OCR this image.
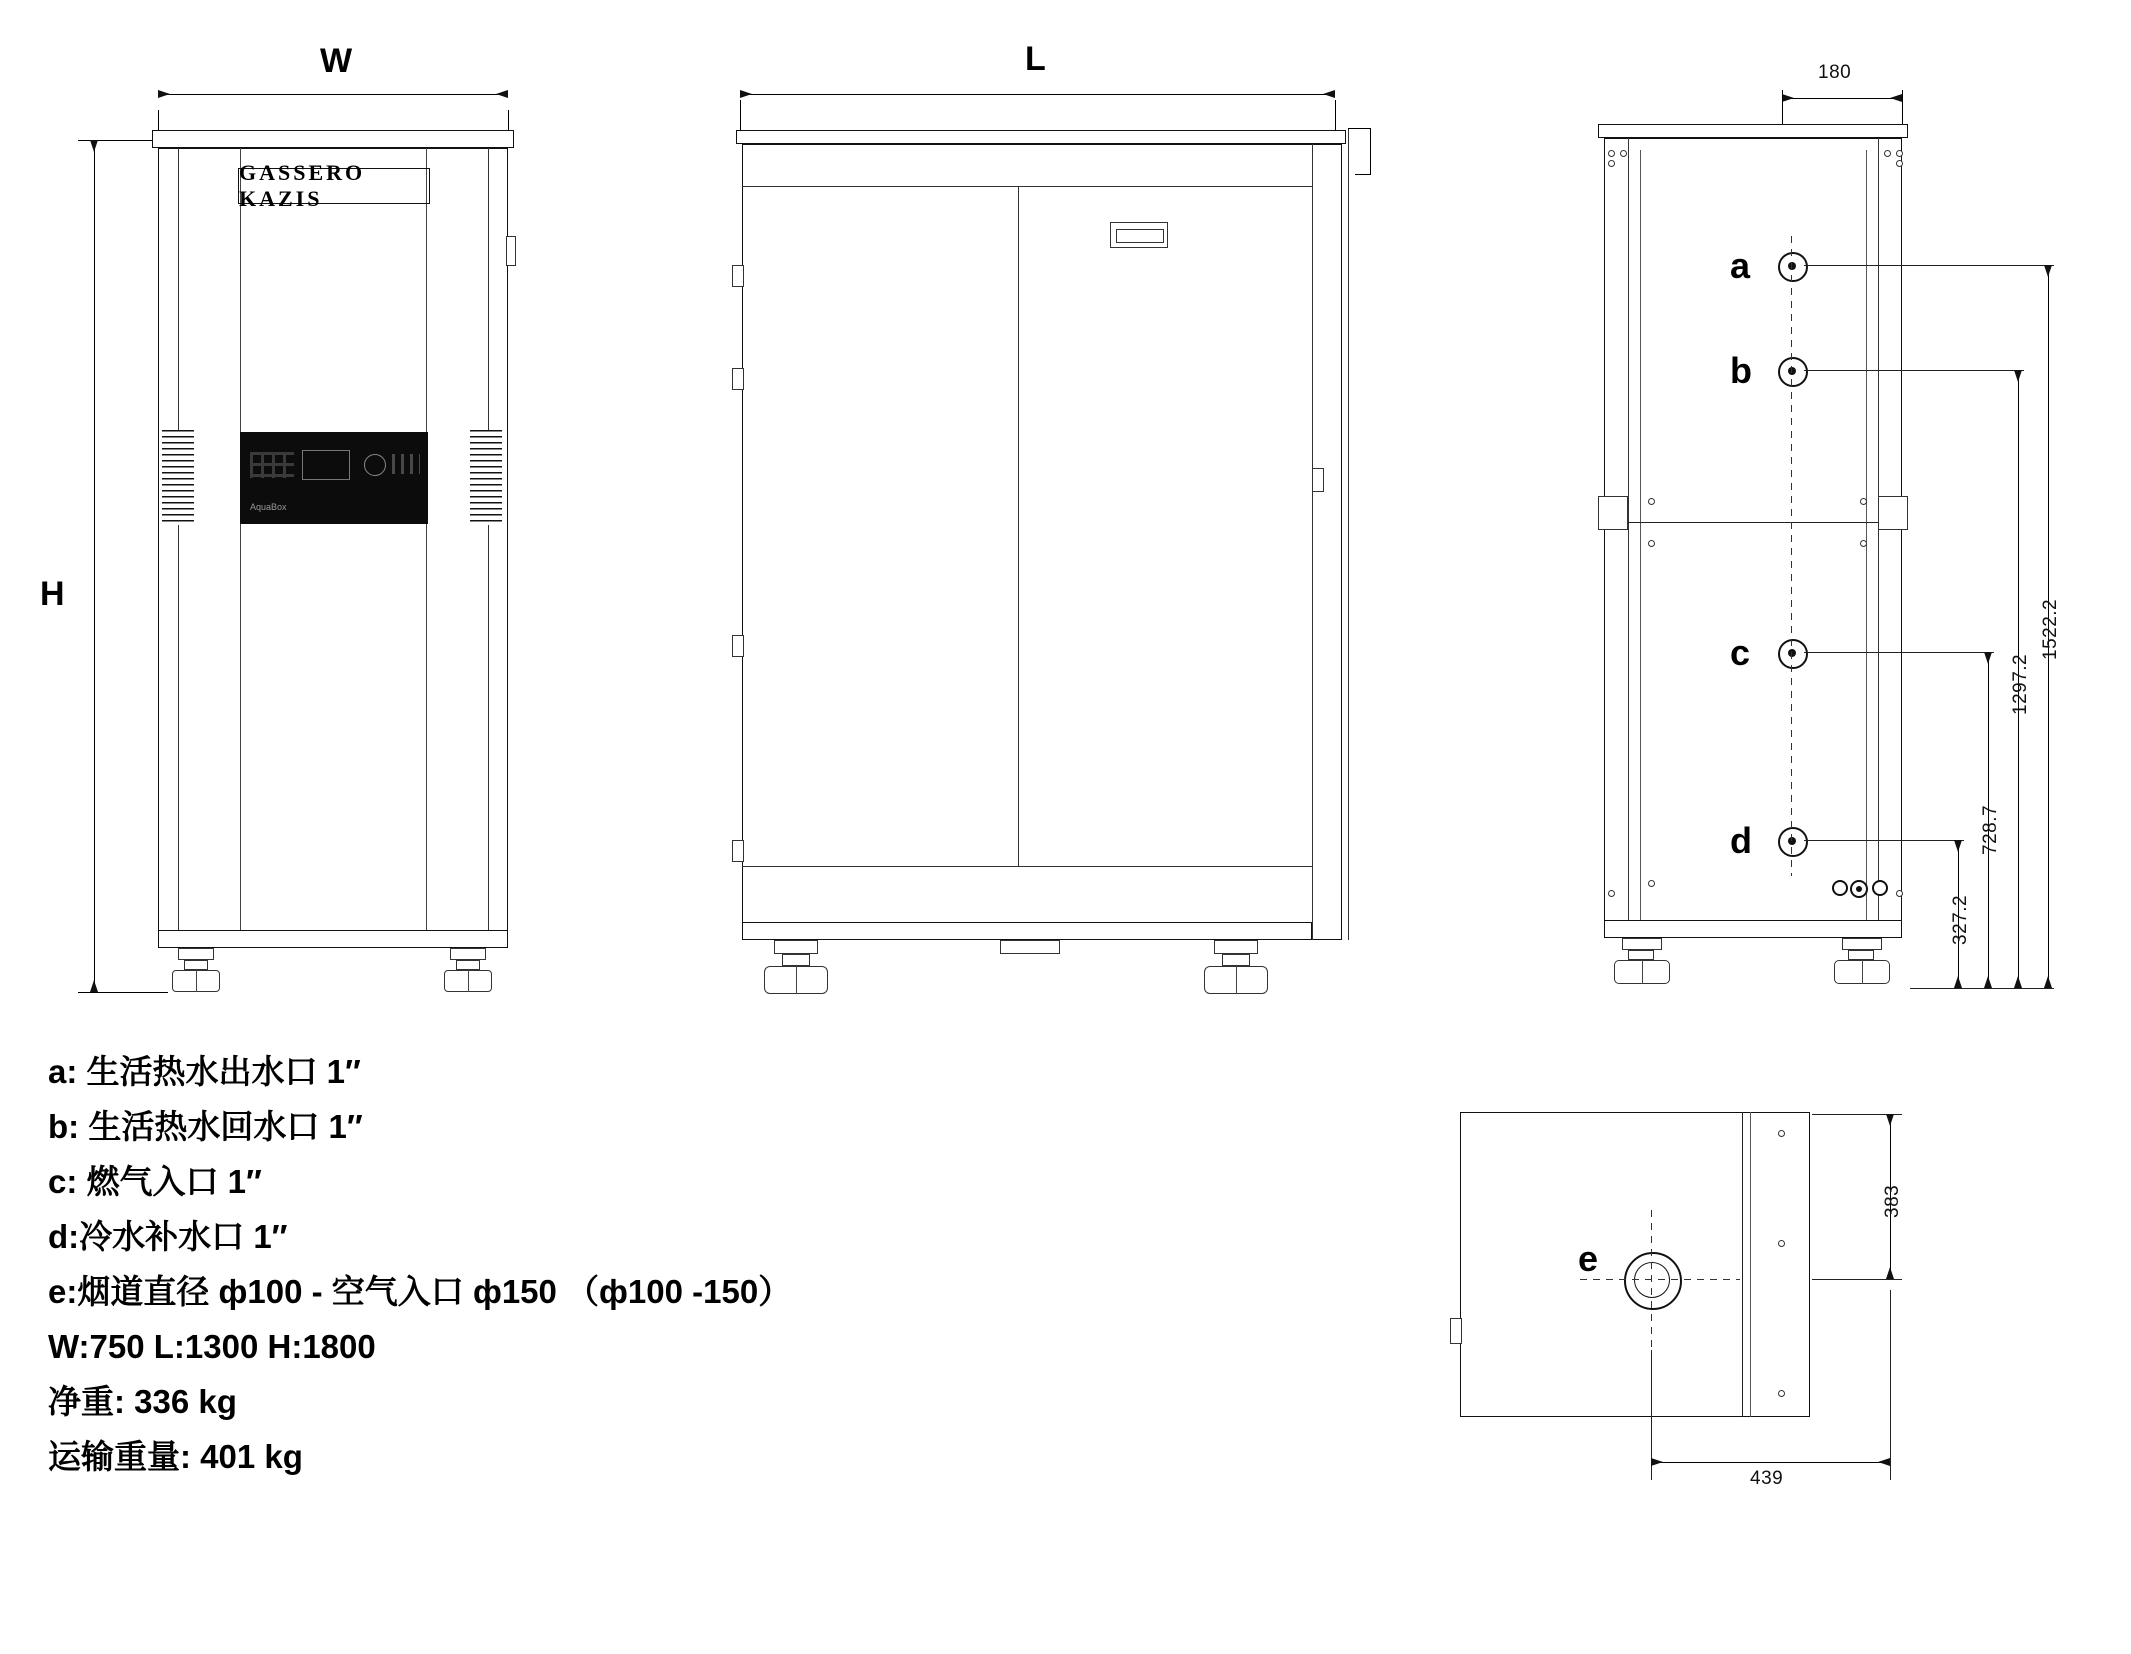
W
H
GASSERO KAZIS
AquaBox
L	180
a
b
c
d
1522.2
1297.2
728.7
327.2
e
383
439
a: 生活热水出水口 1″
b: 生活热水回水口 1″
c: 燃气入口 1″
d:冷水补水口 1″
e:烟道直径 ф100 - 空气入口 ф150 （ф100 -150）
W:750 L:1300 H:1800
净重: 336 kg
运输重量: 401 kg
